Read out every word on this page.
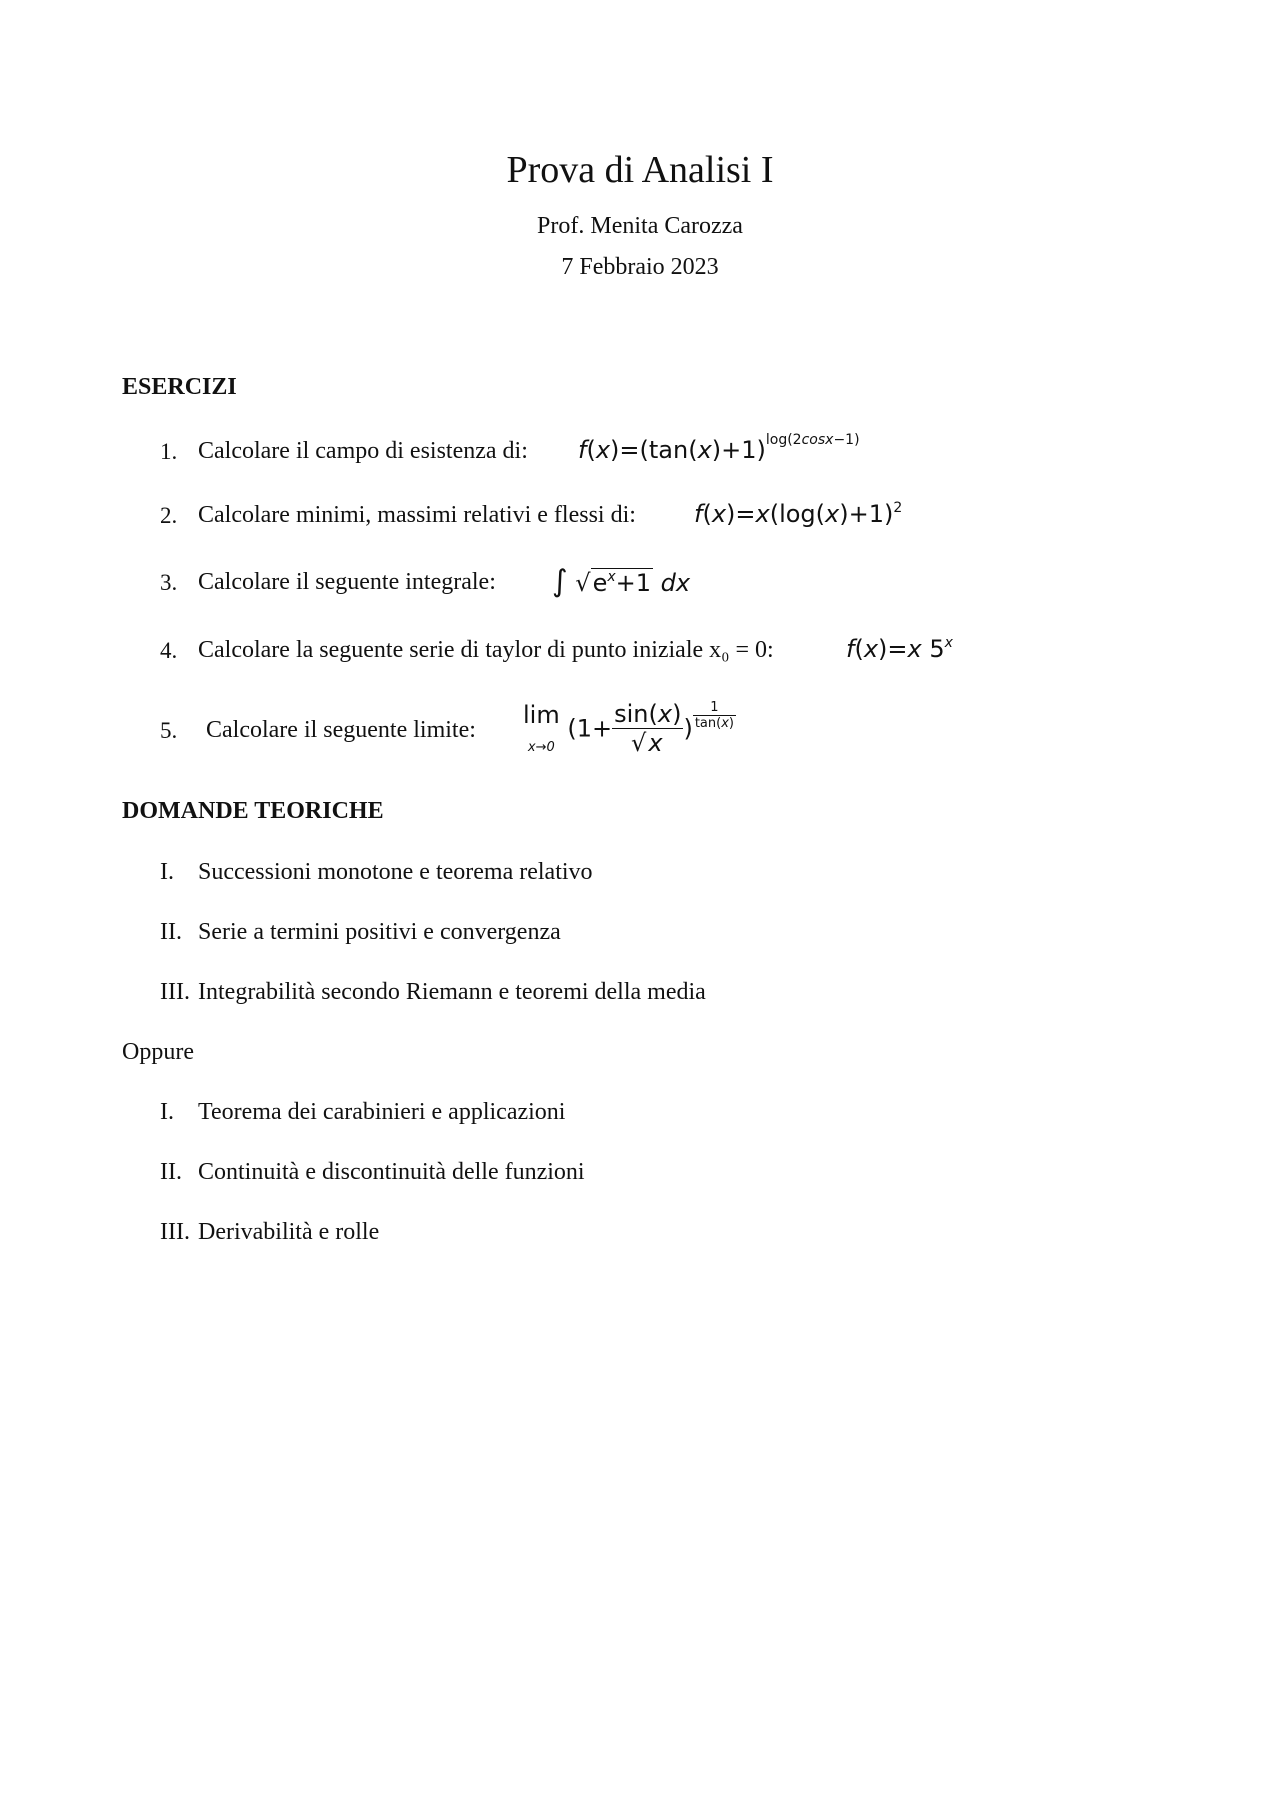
Prova di Analisi I
Prof. Menita Carozza
7 Febbraio 2023
ESERCIZI
1. Calcolare il campo di esistenza di: $f(x)=(\tan(x)+1)^{log(2cosx-1)}$
2. Calcolare minimi, massimi relativi e flessi di: $f(x)=x(\log(x)+1)^2$
3. Calcolare il seguente integrale: ∫ $√e^x+1$ dx
4. Calcolare la seguente serie di taylor di punto iniziale x₀ = 0:	f(x)=x 5$^x$
5. Calcolare il seguente limite:
lim
x→0 ($1+ \frac{\sin(x)}{√x}$ ) $\frac{1}{\tan(x)}$
DOMANDE TEORICHE
I. Successioni monotone e teorema relativo
II. Serie a termini positivi e convergenza
III. Integrabilità secondo Riemann e teoremi della media
Oppure
I. Teorema dei carabinieri e applicazioni
II. Continuità e discontinuità delle funzioni
III. Derivabilità e rolle
